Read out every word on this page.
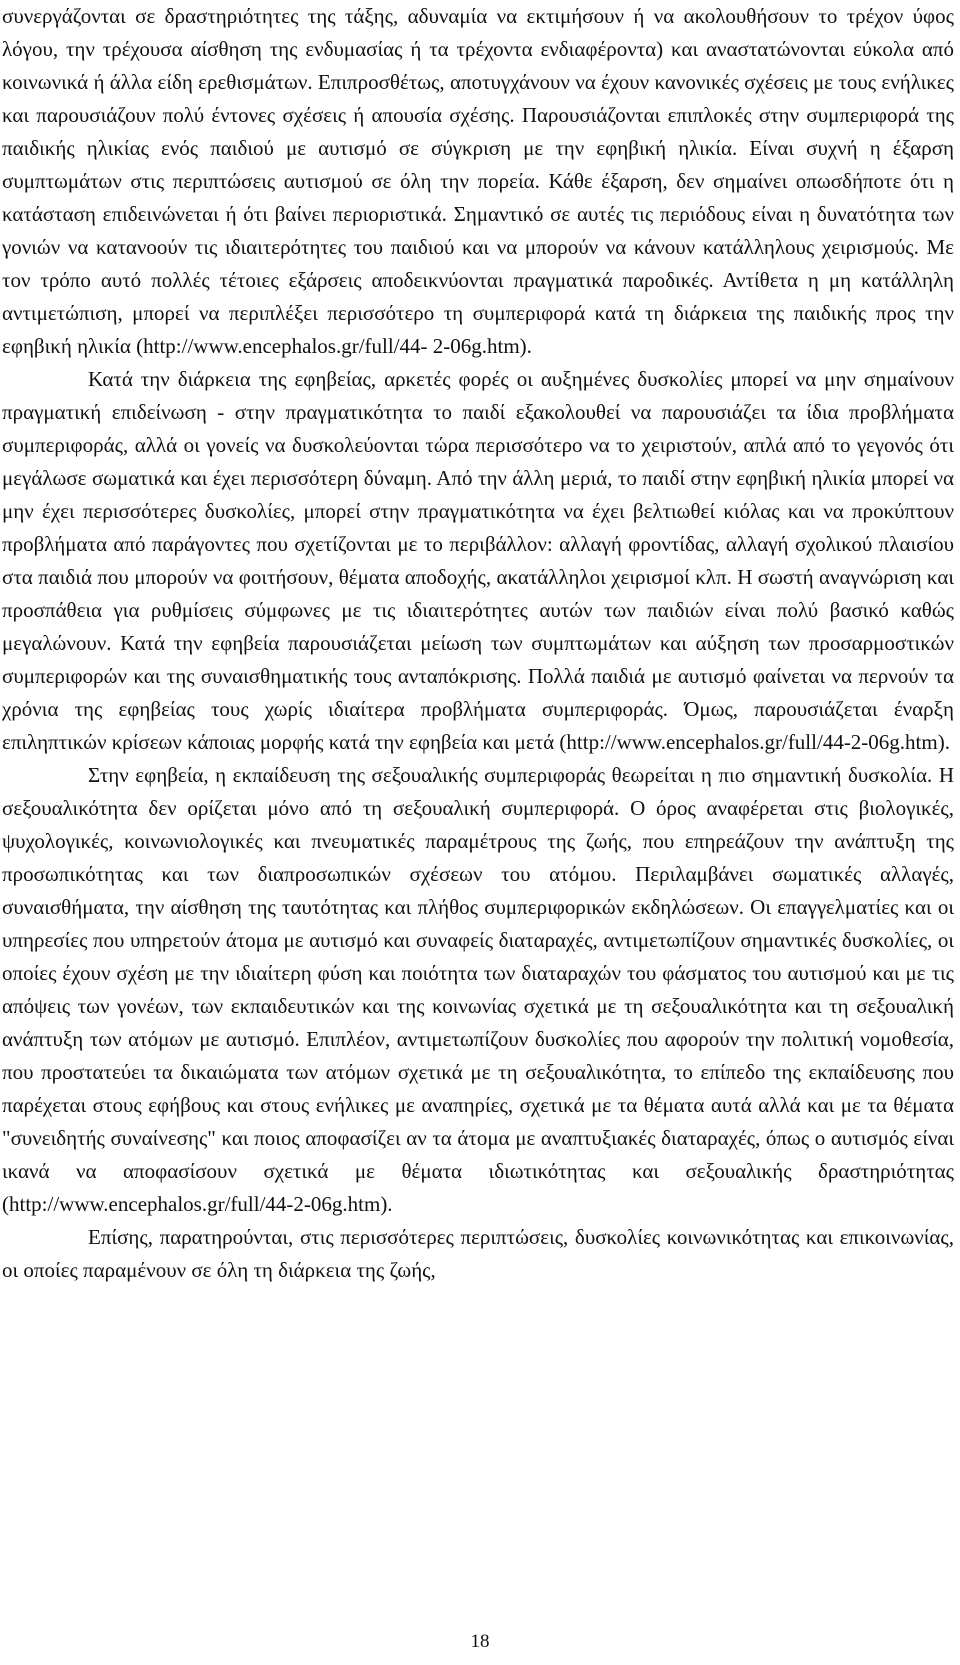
συνεργάζονται σε δραστηριότητες της τάξης, αδυναμία να εκτιμήσουν ή να ακολουθήσουν το τρέχον ύφος λόγου, την τρέχουσα αίσθηση της ενδυμασίας ή τα τρέχοντα ενδιαφέροντα) και αναστατώνονται εύκολα από κοινωνικά ή άλλα είδη ερεθισμάτων. Επιπροσθέτως, αποτυγχάνουν να έχουν κανονικές σχέσεις με τους ενήλικες και παρουσιάζουν πολύ έντονες σχέσεις ή απουσία σχέσης. Παρουσιάζονται επιπλοκές στην συμπεριφορά της παιδικής ηλικίας ενός παιδιού με αυτισμό σε σύγκριση με την εφηβική ηλικία. Είναι συχνή η έξαρση συμπτωμάτων στις περιπτώσεις αυτισμού σε όλη την πορεία. Κάθε έξαρση, δεν σημαίνει οπωσδήποτε ότι η κατάσταση επιδεινώνεται ή ότι βαίνει περιοριστικά. Σημαντικό σε αυτές τις περιόδους είναι η δυνατότητα των γονιών να κατανοούν τις ιδιαιτερότητες του παιδιού και να μπορούν να κάνουν κατάλληλους χειρισμούς. Με τον τρόπο αυτό πολλές τέτοιες εξάρσεις αποδεικνύονται πραγματικά παροδικές. Αντίθετα η μη κατάλληλη αντιμετώπιση, μπορεί να περιπλέξει περισσότερο τη συμπεριφορά κατά τη διάρκεια της παιδικής προς την εφηβική ηλικία (http://www.encephalos.gr/full/44- 2-06g.htm).

Κατά την διάρκεια της εφηβείας, αρκετές φορές οι αυξημένες δυσκολίες μπορεί να μην σημαίνουν πραγματική επιδείνωση - στην πραγματικότητα το παιδί εξακολουθεί να παρουσιάζει τα ίδια προβλήματα συμπεριφοράς, αλλά οι γονείς να δυσκολεύονται τώρα περισσότερο να το χειριστούν, απλά από το γεγονός ότι μεγάλωσε σωματικά και έχει περισσότερη δύναμη. Από την άλλη μεριά, το παιδί στην εφηβική ηλικία μπορεί να μην έχει περισσότερες δυσκολίες, μπορεί στην πραγματικότητα να έχει βελτιωθεί κιόλας και να προκύπτουν προβλήματα από παράγοντες που σχετίζονται με το περιβάλλον: αλλαγή φροντίδας, αλλαγή σχολικού πλαισίου στα παιδιά που μπορούν να φοιτήσουν, θέματα αποδοχής, ακατάλληλοι χειρισμοί κλπ. Η σωστή αναγνώριση και προσπάθεια για ρυθμίσεις σύμφωνες με τις ιδιαιτερότητες αυτών των παιδιών είναι πολύ βασικό καθώς μεγαλώνουν. Κατά την εφηβεία παρουσιάζεται μείωση των συμπτωμάτων και αύξηση των προσαρμοστικών συμπεριφορών και της συναισθηματικής τους ανταπόκρισης. Πολλά παιδιά με αυτισμό φαίνεται να περνούν τα χρόνια της εφηβείας τους χωρίς ιδιαίτερα προβλήματα συμπεριφοράς. Όμως, παρουσιάζεται έναρξη επιληπτικών κρίσεων κάποιας μορφής κατά την εφηβεία και μετά (http://www.encephalos.gr/full/44-2-06g.htm).

Στην εφηβεία, η εκπαίδευση της σεξουαλικής συμπεριφοράς θεωρείται η πιο σημαντική δυσκολία. Η σεξουαλικότητα δεν ορίζεται μόνο από τη σεξουαλική συμπεριφορά. Ο όρος αναφέρεται στις βιολογικές, ψυχολογικές, κοινωνιολογικές και πνευματικές παραμέτρους της ζωής, που επηρεάζουν την ανάπτυξη της προσωπικότητας και των διαπροσωπικών σχέσεων του ατόμου. Περιλαμβάνει σωματικές αλλαγές, συναισθήματα, την αίσθηση της ταυτότητας και πλήθος συμπεριφορικών εκδηλώσεων. Οι επαγγελματίες και οι υπηρεσίες που υπηρετούν άτομα με αυτισμό και συναφείς διαταραχές, αντιμετωπίζουν σημαντικές δυσκολίες, οι οποίες έχουν σχέση με την ιδιαίτερη φύση και ποιότητα των διαταραχών του φάσματος του αυτισμού και με τις απόψεις των γονέων, των εκπαιδευτικών και της κοινωνίας σχετικά με τη σεξουαλικότητα και τη σεξουαλική ανάπτυξη των ατόμων με αυτισμό. Επιπλέον, αντιμετωπίζουν δυσκολίες που αφορούν την πολιτική νομοθεσία, που προστατεύει τα δικαιώματα των ατόμων σχετικά με τη σεξουαλικότητα, το επίπεδο της εκπαίδευσης που παρέχεται στους εφήβους και στους ενήλικες με αναπηρίες, σχετικά με τα θέματα αυτά αλλά και με τα θέματα "συνειδητής συναίνεσης" και ποιος αποφασίζει αν τα άτομα με αναπτυξιακές διαταραχές, όπως ο αυτισμός είναι ικανά να αποφασίσουν σχετικά με θέματα ιδιωτικότητας και σεξουαλικής δραστηριότητας (http://www.encephalos.gr/full/44-2-06g.htm).

Επίσης, παρατηρούνται, στις περισσότερες περιπτώσεις, δυσκολίες κοινωνικότητας και επικοινωνίας, οι οποίες παραμένουν σε όλη τη διάρκεια της ζωής,

18
